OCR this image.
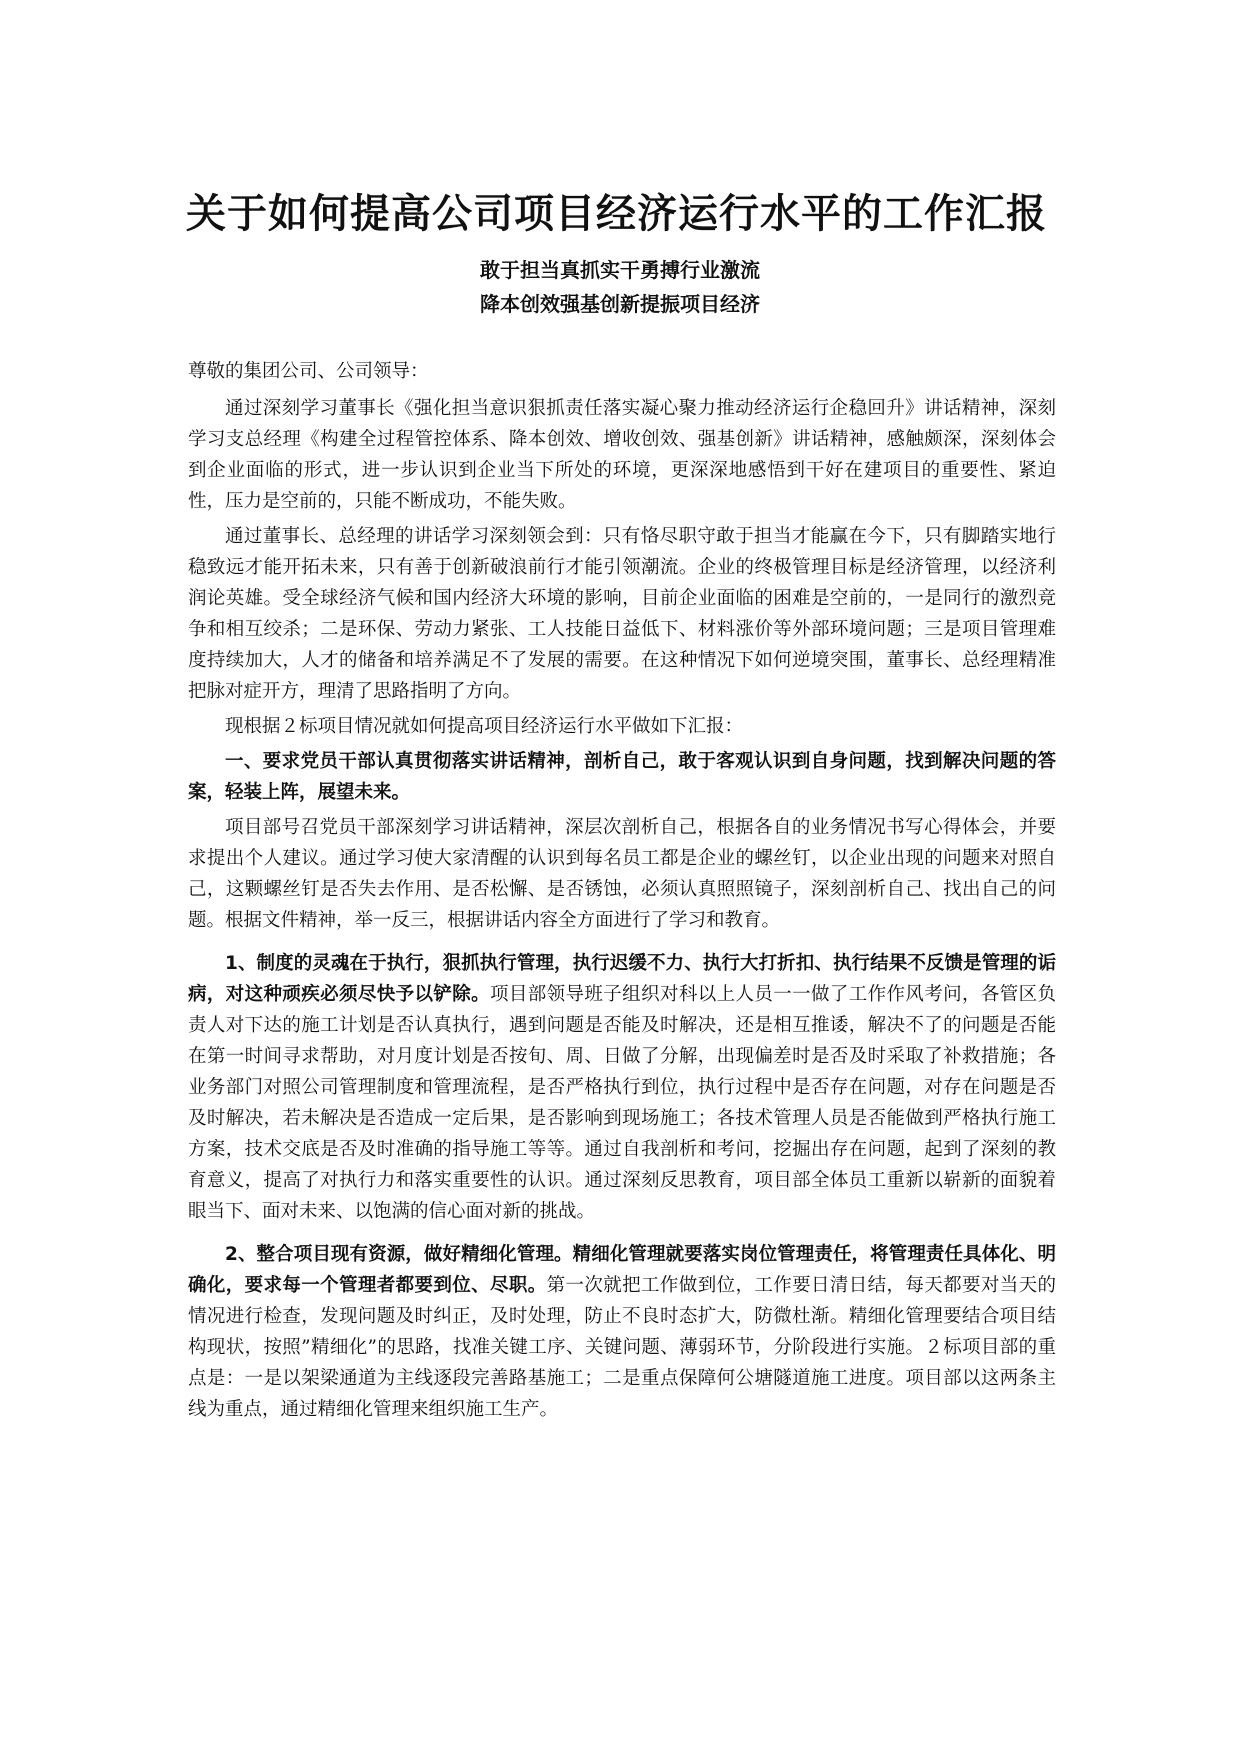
关于如何提高公司项目经济运行水平的工作汇报
敢于担当真抓实干勇搏行业激流
降本创效强基创新提振项目经济

尊敬的集团公司、公司领导：

通过深刻学习董事长《强化担当意识狠抓责任落实凝心聚力推动经济运行企稳回升》讲话精神，深刻学习支总经理《构建全过程管控体系、降本创效、增收创效、强基创新》讲话精神，感触颇深，深刻体会到企业面临的形式，进一步认识到企业当下所处的环境，更深深地感悟到干好在建项目的重要性、紧迫性，压力是空前的，只能不断成功，不能失败。

通过董事长、总经理的讲话学习深刻领会到：只有恪尽职守敢于担当才能赢在今下，只有脚踏实地行稳致远才能开拓未来，只有善于创新破浪前行才能引领潮流。企业的终极管理目标是经济管理，以经济利润论英雄。受全球经济气候和国内经济大环境的影响，目前企业面临的困难是空前的，一是同行的激烈竞争和相互绞杀；二是环保、劳动力紧张、工人技能日益低下、材料涨价等外部环境问题；三是项目管理难度持续加大，人才的储备和培养满足不了发展的需要。在这种情况下如何逆境突围，董事长、总经理精准把脉对症开方，理清了思路指明了方向。

现根据２标项目情况就如何提高项目经济运行水平做如下汇报：

一、要求党员干部认真贯彻落实讲话精神，剖析自己，敢于客观认识到自身问题，找到解决问题的答案，轻装上阵，展望未来。

项目部号召党员干部深刻学习讲话精神，深层次剖析自己，根据各自的业务情况书写心得体会，并要求提出个人建议。通过学习使大家清醒的认识到每名员工都是企业的螺丝钉，以企业出现的问题来对照自己，这颗螺丝钉是否失去作用、是否松懈、是否锈蚀，必须认真照照镜子，深刻剖析自己、找出自己的问题。根据文件精神，举一反三，根据讲话内容全方面进行了学习和教育。

1、制度的灵魂在于执行，狠抓执行管理，执行迟缓不力、执行大打折扣、执行结果不反馈是管理的诟病，对这种顽疾必须尽快予以铲除。项目部领导班子组织对科以上人员一一做了工作作风考问，各管区负责人对下达的施工计划是否认真执行，遇到问题是否能及时解决，还是相互推诿，解决不了的问题是否能在第一时间寻求帮助，对月度计划是否按旬、周、日做了分解，出现偏差时是否及时采取了补救措施；各业务部门对照公司管理制度和管理流程，是否严格执行到位，执行过程中是否存在问题，对存在问题是否及时解决，若未解决是否造成一定后果，是否影响到现场施工；各技术管理人员是否能做到严格执行施工方案，技术交底是否及时准确的指导施工等等。通过自我剖析和考问，挖掘出存在问题，起到了深刻的教育意义，提高了对执行力和落实重要性的认识。通过深刻反思教育，项目部全体员工重新以崭新的面貌着眼当下、面对未来、以饱满的信心面对新的挑战。

2、整合项目现有资源，做好精细化管理。精细化管理就要落实岗位管理责任，将管理责任具体化、明确化，要求每一个管理者都要到位、尽职。第一次就把工作做到位，工作要日清日结，每天都要对当天的情况进行检查，发现问题及时纠正，及时处理，防止不良时态扩大，防微杜渐。精细化管理要结合项目结构现状，按照”精细化”的思路，找准关键工序、关键问题、薄弱环节，分阶段进行实施。２标项目部的重点是：一是以架梁通道为主线逐段完善路基施工；二是重点保障何公塘隧道施工进度。项目部以这两条主线为重点，通过精细化管理来组织施工生产。
